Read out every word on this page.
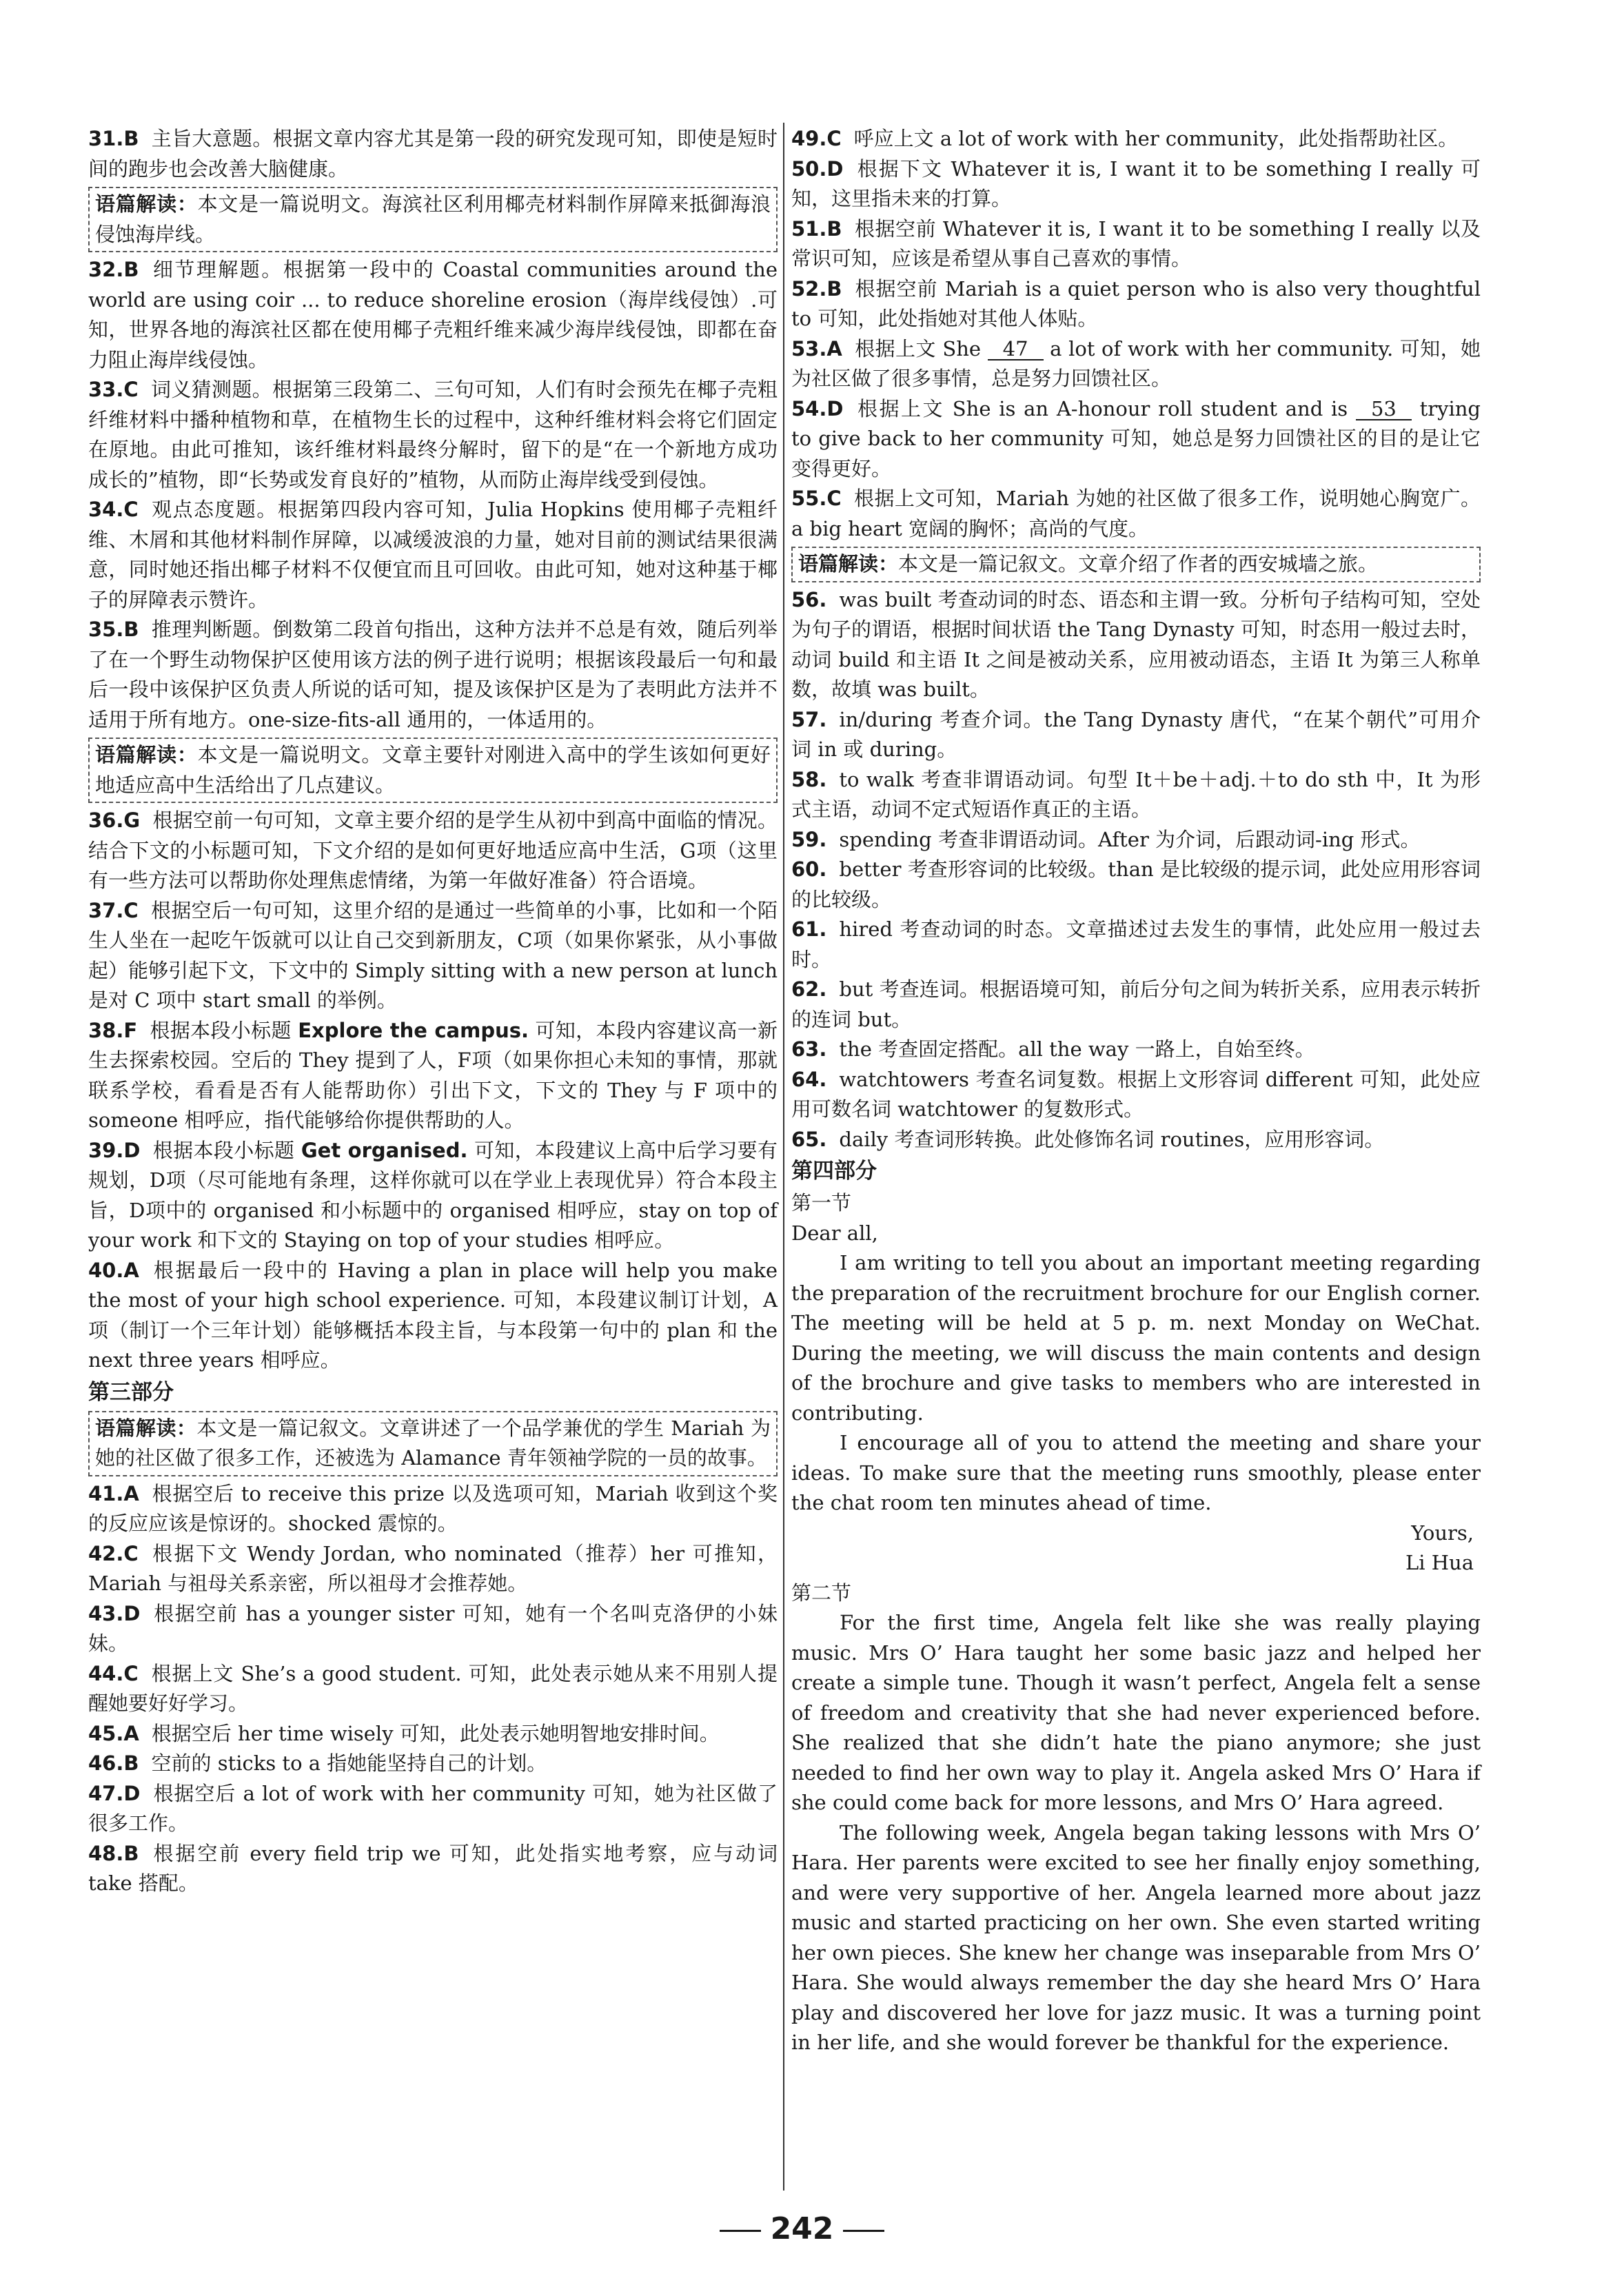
31.B 主旨大意题。根据文章内容尤其是第一段的研究发现可知，即使是短时间的跑步也会改善大脑健康。

语篇解读：本文是一篇说明文。海滨社区利用椰壳材料制作屏障来抵御海浪侵蚀海岸线。

32.B 细节理解题。根据第一段中的 Coastal communities around the world are using coir ... to reduce shoreline erosion（海岸线侵蚀）.可知，世界各地的海滨社区都在使用椰子壳粗纤维来减少海岸线侵蚀，即都在奋力阻止海岸线侵蚀。

33.C 词义猜测题。根据第三段第二、三句可知，人们有时会预先在椰子壳粗纤维材料中播种植物和草，在植物生长的过程中，这种纤维材料会将它们固定在原地。由此可推知，该纤维材料最终分解时，留下的是“在一个新地方成功成长的”植物，即“长势或发育良好的”植物，从而防止海岸线受到侵蚀。

34.C 观点态度题。根据第四段内容可知，Julia Hopkins 使用椰子壳粗纤维、木屑和其他材料制作屏障，以减缓波浪的力量，她对目前的测试结果很满意，同时她还指出椰子材料不仅便宜而且可回收。由此可知，她对这种基于椰子的屏障表示赞许。

35.B 推理判断题。倒数第二段首句指出，这种方法并不总是有效，随后列举了在一个野生动物保护区使用该方法的例子进行说明；根据该段最后一句和最后一段中该保护区负责人所说的话可知，提及该保护区是为了表明此方法并不适用于所有地方。one-size-fits-all 通用的，一体适用的。

语篇解读：本文是一篇说明文。文章主要针对刚进入高中的学生该如何更好地适应高中生活给出了几点建议。

36.G 根据空前一句可知，文章主要介绍的是学生从初中到高中面临的情况。结合下文的小标题可知，下文介绍的是如何更好地适应高中生活，G项（这里有一些方法可以帮助你处理焦虑情绪，为第一年做好准备）符合语境。

37.C 根据空后一句可知，这里介绍的是通过一些简单的小事，比如和一个陌生人坐在一起吃午饭就可以让自己交到新朋友，C项（如果你紧张，从小事做起）能够引起下文，下文中的 Simply sitting with a new person at lunch 是对 C 项中 start small 的举例。

38.F 根据本段小标题 Explore the campus. 可知，本段内容建议高一新生去探索校园。空后的 They 提到了人，F项（如果你担心未知的事情，那就联系学校，看看是否有人能帮助你）引出下文，下文的 They 与 F 项中的 someone 相呼应，指代能够给你提供帮助的人。

39.D 根据本段小标题 Get organised. 可知，本段建议上高中后学习要有规划，D项（尽可能地有条理，这样你就可以在学业上表现优异）符合本段主旨，D项中的 organised 和小标题中的 organised 相呼应，stay on top of your work 和下文的 Staying on top of your studies 相呼应。

40.A 根据最后一段中的 Having a plan in place will help you make the most of your high school experience. 可知，本段建议制订计划，A项（制订一个三年计划）能够概括本段主旨，与本段第一句中的 plan 和 the next three years 相呼应。

第三部分

语篇解读：本文是一篇记叙文。文章讲述了一个品学兼优的学生 Mariah 为她的社区做了很多工作，还被选为 Alamance 青年领袖学院的一员的故事。

41.A 根据空后 to receive this prize 以及选项可知，Mariah 收到这个奖的反应应该是惊讶的。shocked 震惊的。

42.C 根据下文 Wendy Jordan, who nominated（推荐）her 可推知，Mariah 与祖母关系亲密，所以祖母才会推荐她。

43.D 根据空前 has a younger sister 可知，她有一个名叫克洛伊的小妹妹。

44.C 根据上文 She’s a good student. 可知，此处表示她从来不用别人提醒她要好好学习。

45.A 根据空后 her time wisely 可知，此处表示她明智地安排时间。

46.B 空前的 sticks to a 指她能坚持自己的计划。

47.D 根据空后 a lot of work with her community 可知，她为社区做了很多工作。

48.B 根据空前 every field trip we 可知，此处指实地考察，应与动词 take 搭配。

49.C 呼应上文 a lot of work with her community，此处指帮助社区。

50.D 根据下文 Whatever it is, I want it to be something I really 可知，这里指未来的打算。

51.B 根据空前 Whatever it is, I want it to be something I really 以及常识可知，应该是希望从事自己喜欢的事情。

52.B 根据空前 Mariah is a quiet person who is also very thoughtful to 可知，此处指她对其他人体贴。

53.A 根据上文 She 47 a lot of work with her community. 可知，她为社区做了很多事情，总是努力回馈社区。

54.D 根据上文 She is an A-honour roll student and is 53 trying to give back to her community 可知，她总是努力回馈社区的目的是让它变得更好。

55.C 根据上文可知，Mariah 为她的社区做了很多工作，说明她心胸宽广。a big heart 宽阔的胸怀；高尚的气度。

语篇解读：本文是一篇记叙文。文章介绍了作者的西安城墙之旅。

56. was built 考查动词的时态、语态和主谓一致。分析句子结构可知，空处为句子的谓语，根据时间状语 the Tang Dynasty 可知，时态用一般过去时，动词 build 和主语 It 之间是被动关系，应用被动语态，主语 It 为第三人称单数，故填 was built。

57. in/during 考查介词。the Tang Dynasty 唐代，“在某个朝代”可用介词 in 或 during。

58. to walk 考查非谓语动词。句型 It＋be＋adj.＋to do sth 中，It 为形式主语，动词不定式短语作真正的主语。

59. spending 考查非谓语动词。After 为介词，后跟动词-ing 形式。

60. better 考查形容词的比较级。than 是比较级的提示词，此处应用形容词的比较级。

61. hired 考查动词的时态。文章描述过去发生的事情，此处应用一般过去时。

62. but 考查连词。根据语境可知，前后分句之间为转折关系，应用表示转折的连词 but。

63. the 考查固定搭配。all the way 一路上，自始至终。

64. watchtowers 考查名词复数。根据上文形容词 different 可知，此处应用可数名词 watchtower 的复数形式。

65. daily 考查词形转换。此处修饰名词 routines，应用形容词。

第四部分

第一节

Dear all,

I am writing to tell you about an important meeting regarding the preparation of the recruitment brochure for our English corner. The meeting will be held at 5 p. m. next Monday on WeChat. During the meeting, we will discuss the main contents and design of the brochure and give tasks to members who are interested in contributing.

I encourage all of you to attend the meeting and share your ideas. To make sure that the meeting runs smoothly, please enter the chat room ten minutes ahead of time.

Yours,

Li Hua

第二节

For the first time, Angela felt like she was really playing music. Mrs O’ Hara taught her some basic jazz and helped her create a simple tune. Though it wasn’t perfect, Angela felt a sense of freedom and creativity that she had never experienced before. She realized that she didn’t hate the piano anymore; she just needed to find her own way to play it. Angela asked Mrs O’ Hara if she could come back for more lessons, and Mrs O’ Hara agreed.

The following week, Angela began taking lessons with Mrs O’ Hara. Her parents were excited to see her finally enjoy something, and were very supportive of her. Angela learned more about jazz music and started practicing on her own. She even started writing her own pieces. She knew her change was inseparable from Mrs O’ Hara. She would always remember the day she heard Mrs O’ Hara play and discovered her love for jazz music. It was a turning point in her life, and she would forever be thankful for the experience.

242
